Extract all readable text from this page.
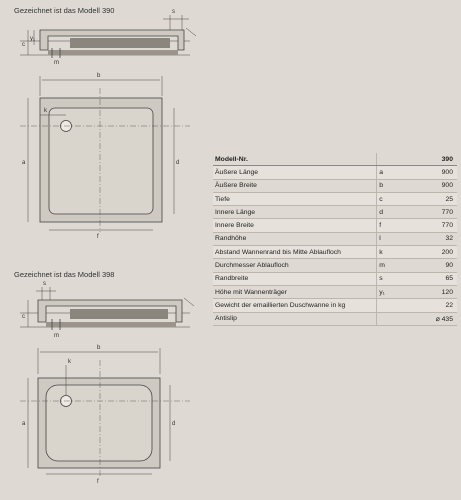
Gezeichnet ist das Modell 390
Gezeichnet ist das Modell 398
s
c
y₁
m
b
a	d
f
k
s
c
m
b
a	d
f
k
Modell-Nr.		390
Äußere Länge	a	900
Äußere Breite	b	900
Tiefe	c	25
Innere Länge	d	770
Innere Breite	f	770
Randhöhe	l	32
Abstand Wannenrand bis Mitte Ablaufloch	k	200
Durchmesser Ablaufloch	m	90
Randbreite	s	65
Höhe mit Wannenträger	y₁	120
Gewicht der emaillierten Duschwanne in kg		22
Antislip		⌀ 435
